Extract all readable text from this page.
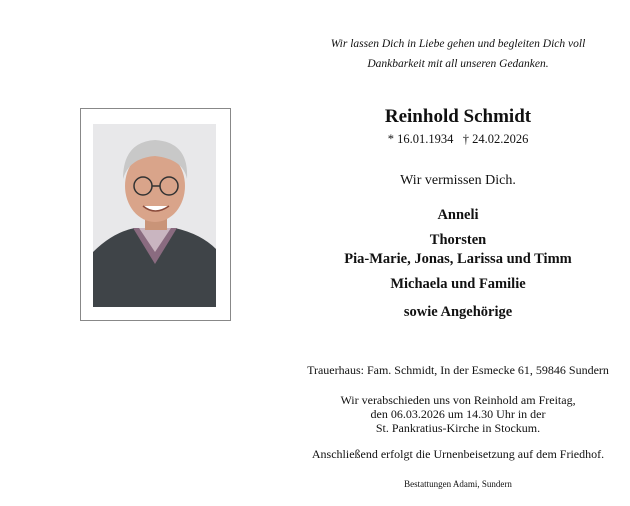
Wir lassen Dich in Liebe gehen und begleiten Dich voll
Dankbarkeit mit all unseren Gedanken.
Reinhold Schmidt
* 16.01.1934   † 24.02.2026
Wir vermissen Dich.
Anneli
Thorsten
Pia-Marie, Jonas, Larissa und Timm
Michaela und Familie
sowie Angehörige
Trauerhaus: Fam. Schmidt, In der Esmecke 61, 59846 Sundern
Wir verabschieden uns von Reinhold am Freitag,
den 06.03.2026 um 14.30 Uhr in der
St. Pankratius-Kirche in Stockum.
Anschließend erfolgt die Urnenbeisetzung auf dem Friedhof.
Bestattungen Adami, Sundern
